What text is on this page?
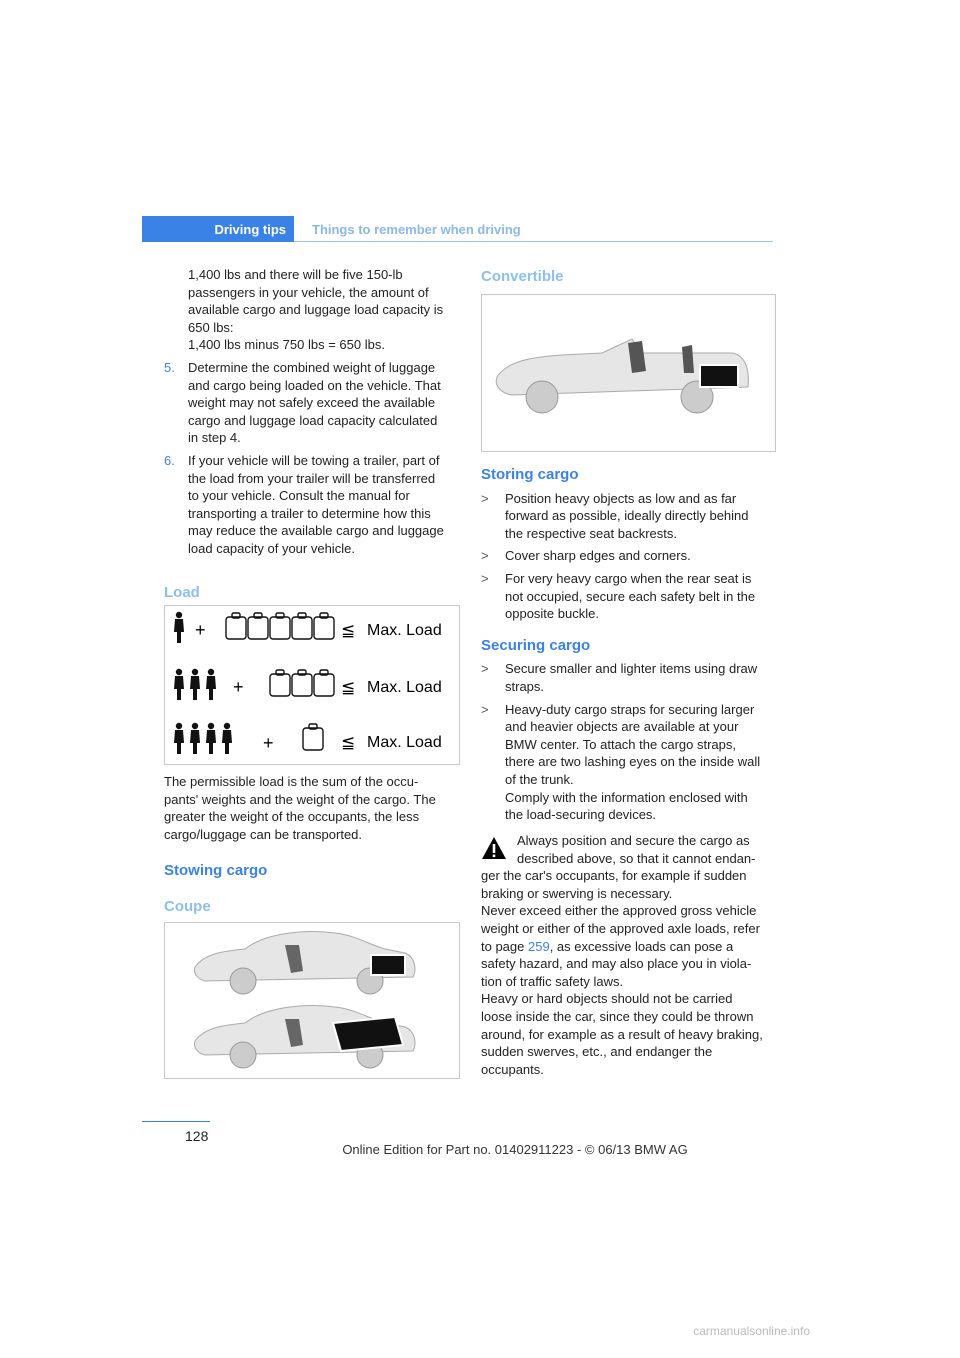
Driving tips Things to remember when driving
1,400 lbs and there will be five 150-lb
passengers in your vehicle, the amount of
available cargo and luggage load capacity is
650 lbs:
1,400 lbs minus 750 lbs = 650 lbs.
5. Determine the combined weight of luggage
and cargo being loaded on the vehicle. That
weight may not safely exceed the available
cargo and luggage load capacity calculated
in step 4.
6. If your vehicle will be towing a trailer, part of
the load from your trailer will be transferred
to your vehicle. Consult the manual for
transporting a trailer to determine how this
may reduce the available cargo and luggage
load capacity of your vehicle.
Load
+	≦ Max. Load
+	≦ Max. Load
+	≦ Max. Load
The permissible load is the sum of the occu-
pants' weights and the weight of the cargo. The
greater the weight of the occupants, the less
cargo/luggage can be transported.
Stowing cargo
Coupe
Convertible
Storing cargo
> Position heavy objects as low and as far
forward as possible, ideally directly behind
the respective seat backrests.
> Cover sharp edges and corners.
> For very heavy cargo when the rear seat is
not occupied, secure each safety belt in the
opposite buckle.
Securing cargo
> Secure smaller and lighter items using draw
straps.
> Heavy-duty cargo straps for securing larger
and heavier objects are available at your
BMW center. To attach the cargo straps,
there are two lashing eyes on the inside wall
of the trunk.
Comply with the information enclosed with
the load-securing devices.
Always position and secure the cargo as
described above, so that it cannot endan-
ger the car's occupants, for example if sudden
braking or swerving is necessary.
Never exceed either the approved gross vehicle
weight or either of the approved axle loads, refer
to page 259, as excessive loads can pose a
safety hazard, and may also place you in viola-
tion of traffic safety laws.
Heavy or hard objects should not be carried
loose inside the car, since they could be thrown
around, for example as a result of heavy braking,
sudden swerves, etc., and endanger the
occupants.
128
Online Edition for Part no. 01402911223 - © 06/13 BMW AG
carmanualsonline.info
